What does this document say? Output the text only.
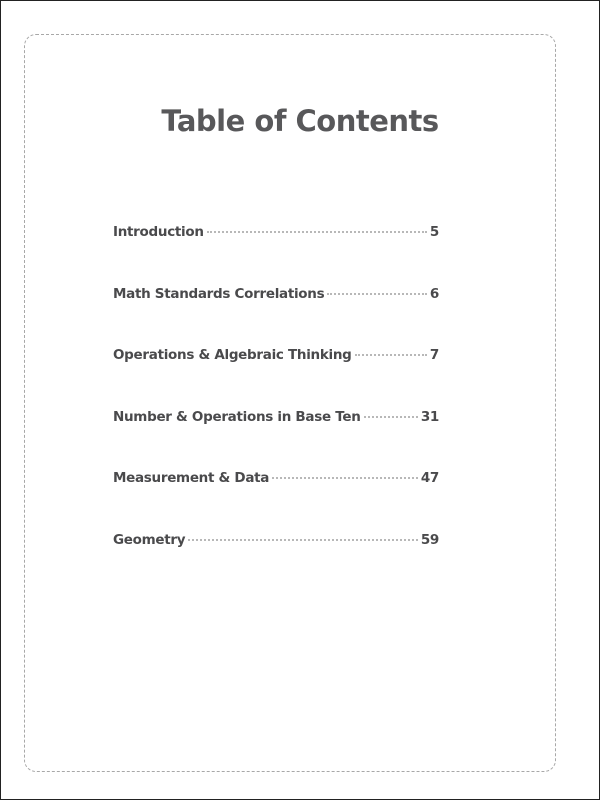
Table of Contents
Introduction	5
Math Standards Correlations	6
Operations & Algebraic Thinking	7
Number & Operations in Base Ten	31
Measurement & Data	47
Geometry	59
